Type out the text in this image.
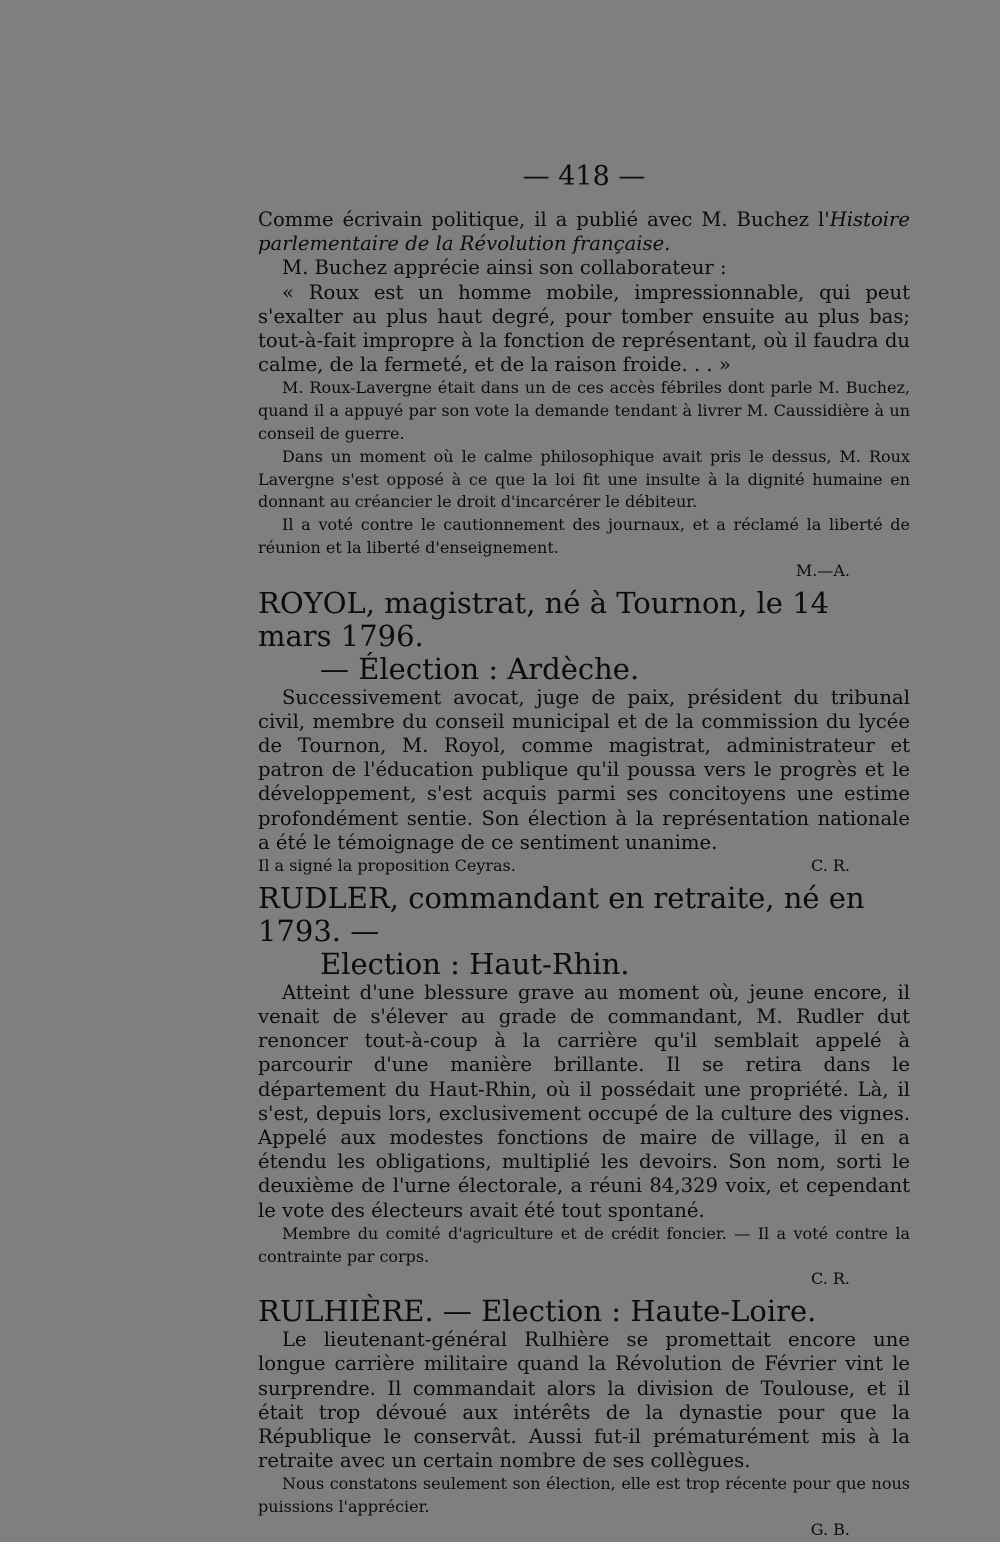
— 418 —

Comme écrivain politique, il a publié avec M. Buchez l'Histoire parlementaire de la Révolution française.

M. Buchez apprécie ainsi son collaborateur :

« Roux est un homme mobile, impressionnable, qui peut s'exalter au plus haut degré, pour tomber ensuite au plus bas; tout-à-fait impropre à la fonction de représentant, où il faudra du calme, de la fermeté, et de la raison froide. . . »

M. Roux-Lavergne était dans un de ces accès fébriles dont parle M. Buchez, quand il a appuyé par son vote la demande tendant à livrer M. Caussidière à un conseil de guerre.

Dans un moment où le calme philosophique avait pris le dessus, M. Roux Lavergne s'est opposé à ce que la loi fit une insulte à la dignité humaine en donnant au créancier le droit d'incarcérer le débiteur.

Il a voté contre le cautionnement des journaux, et a réclamé la liberté de réunion et la liberté d'enseignement.

M.—A.
ROYOL, magistrat, né à Tournon, le 14 mars 1796.
— Élection : Ardèche.

Successivement avocat, juge de paix, président du tribunal civil, membre du conseil municipal et de la commission du lycée de Tournon, M. Royol, comme magistrat, administrateur et patron de l'éducation publique qu'il poussa vers le progrès et le développement, s'est acquis parmi ses concitoyens une estime profondément sentie. Son élection à la représentation nationale a été le témoignage de ce sentiment unanime.

Il a signé la proposition Ceyras.	C. R.
RUDLER, commandant en retraite, né en 1793. —
Election : Haut-Rhin.

Atteint d'une blessure grave au moment où, jeune encore, il venait de s'élever au grade de commandant, M. Rudler dut renoncer tout-à-coup à la carrière qu'il semblait appelé à parcourir d'une manière brillante. Il se retira dans le département du Haut-Rhin, où il possédait une propriété. Là, il s'est, depuis lors, exclusivement occupé de la culture des vignes. Appelé aux modestes fonctions de maire de village, il en a étendu les obligations, multiplié les devoirs. Son nom, sorti le deuxième de l'urne électorale, a réuni 84,329 voix, et cependant le vote des électeurs avait été tout spontané.

Membre du comité d'agriculture et de crédit foncier. — Il a voté contre la contrainte par corps.

C. R.
RULHIÈRE. — Election : Haute-Loire.

Le lieutenant-général Rulhière se promettait encore une longue carrière militaire quand la Révolution de Février vint le surprendre. Il commandait alors la division de Toulouse, et il était trop dévoué aux intérêts de la dynastie pour que la République le conservât. Aussi fut-il prématurément mis à la retraite avec un certain nombre de ses collègues.

Nous constatons seulement son élection, elle est trop récente pour que nous puissions l'apprécier.

G. B.
